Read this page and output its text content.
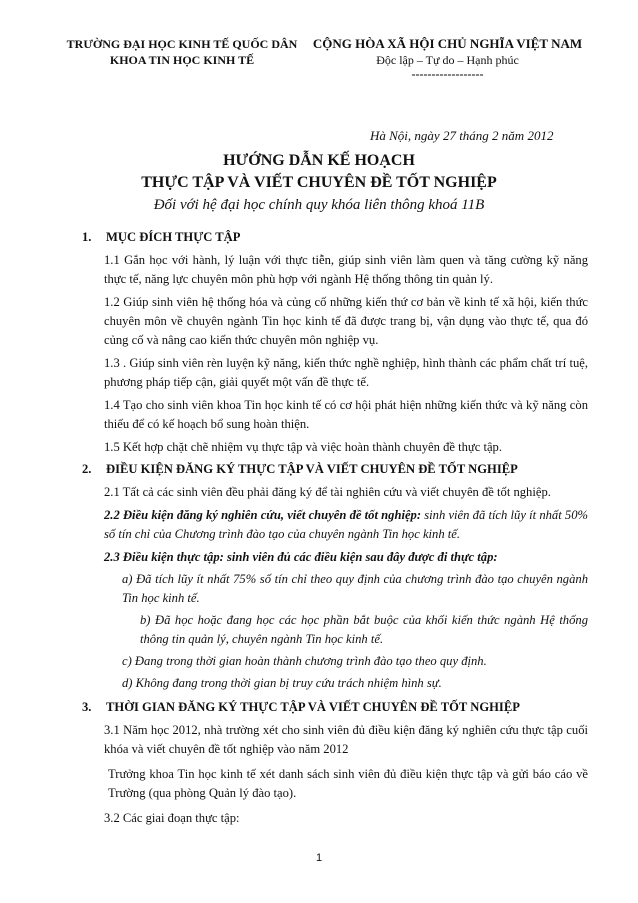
TRƯỜNG ĐẠI HỌC KINH TẾ QUỐC DÂN
KHOA TIN HỌC KINH TẾ
CỘNG HÒA XÃ HỘI CHỦ NGHĨA VIỆT NAM
Độc lập – Tự do – Hạnh phúc
------------------
Hà Nội, ngày 27 tháng 2 năm 2012
HƯỚNG DẪN KẾ HOẠCH
THỰC TẬP VÀ VIẾT CHUYÊN ĐỀ TỐT NGHIỆP
Đối với hệ đại học chính quy khóa liên thông khoá 11B
1. MỤC ĐÍCH THỰC TẬP
1.1 Gắn học với hành, lý luận với thực tiễn, giúp sinh viên làm quen và tăng cường kỹ năng thực tế, năng lực chuyên môn phù hợp với ngành Hệ thống thông tin quản lý.
1.2 Giúp sinh viên hệ thống hóa và củng cố những kiến thứ cơ bản về kinh tế xã hội, kiến thức chuyên môn về chuyên ngành Tin học kinh tế đã được trang bị, vận dụng vào thực tế, qua đó củng cố và nâng cao kiến thức chuyên môn nghiệp vụ.
1.3 . Giúp sinh viên rèn luyện kỹ năng, kiến thức nghề nghiệp, hình thành các phẩm chất trí tuệ, phương pháp tiếp cận, giải quyết một vấn đề thực tế.
1.4 Tạo cho sinh viên khoa Tin học kinh tế có cơ hội phát hiện những kiến thức và kỹ năng còn thiếu để có kế hoạch bổ sung hoàn thiện.
1.5 Kết hợp chặt chẽ nhiệm vụ thực tập và việc hoàn thành chuyên đề thực tập.
2. ĐIỀU KIỆN ĐĂNG KÝ THỰC TẬP VÀ VIẾT CHUYÊN ĐỀ TỐT NGHIỆP
2.1 Tất cả các sinh viên đều phải đăng ký để tài nghiên cứu và viết chuyên đề tốt nghiệp.
2.2 Điều kiện đăng ký nghiên cứu, viết chuyên đề tốt nghiệp: sinh viên đã tích lũy ít nhất 50% số tín chỉ của Chương trình đào tạo của chuyên ngành Tin học kinh tế.
2.3 Điều kiện thực tập: sinh viên đủ các điều kiện sau đây được đi thực tập:
a) Đã tích lũy ít nhất 75% số tín chỉ theo quy định của chương trình đào tạo chuyên ngành Tin học kinh tế.
b) Đã học hoặc đang học các học phần bắt buộc của khối kiến thức ngành Hệ thống thông tin quản lý, chuyên ngành Tin học kinh tế.
c) Đang trong thời gian hoàn thành chương trình đào tạo theo quy định.
d) Không đang trong thời gian bị truy cứu trách nhiệm hình sự.
3. THỜI GIAN ĐĂNG KÝ THỰC TẬP VÀ VIẾT CHUYÊN ĐỀ TỐT NGHIỆP
3.1 Năm học 2012, nhà trường xét cho sinh viên đủ điều kiện đăng ký nghiên cứu thực tập cuối khóa và viết chuyên đề tốt nghiệp vào năm 2012
Trưởng khoa Tin học kinh tế xét danh sách sinh viên đủ điều kiện thực tập và gửi báo cáo về Trường (qua phòng Quản lý đào tạo).
3.2 Các giai đoạn thực tập:
1
